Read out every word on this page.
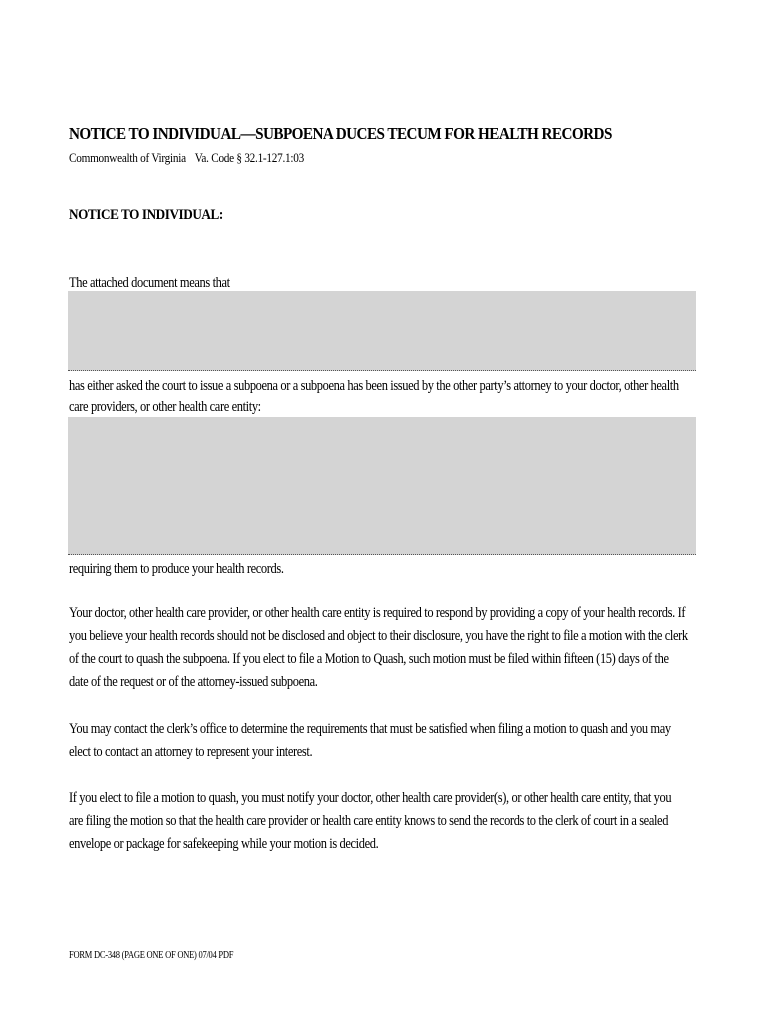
NOTICE TO INDIVIDUAL—SUBPOENA DUCES TECUM FOR HEALTH RECORDS
Commonwealth of Virginia Va. Code § 32.1-127.1:03
NOTICE TO INDIVIDUAL:
The attached document means that
has either asked the court to issue a subpoena or a subpoena has been issued by the other party’s attorney to your doctor, other health
care providers, or other health care entity:
requiring them to produce your health records.
Your doctor, other health care provider, or other health care entity is required to respond by providing a copy of your health records. If
you believe your health records should not be disclosed and object to their disclosure, you have the right to file a motion with the clerk
of the court to quash the subpoena. If you elect to file a Motion to Quash, such motion must be filed within fifteen (15) days of the
date of the request or of the attorney-issued subpoena.
You may contact the clerk’s office to determine the requirements that must be satisfied when filing a motion to quash and you may
elect to contact an attorney to represent your interest.
If you elect to file a motion to quash, you must notify your doctor, other health care provider(s), or other health care entity, that you
are filing the motion so that the health care provider or health care entity knows to send the records to the clerk of court in a sealed
envelope or package for safekeeping while your motion is decided.
FORM DC-348 (PAGE ONE OF ONE) 07/04 PDF
